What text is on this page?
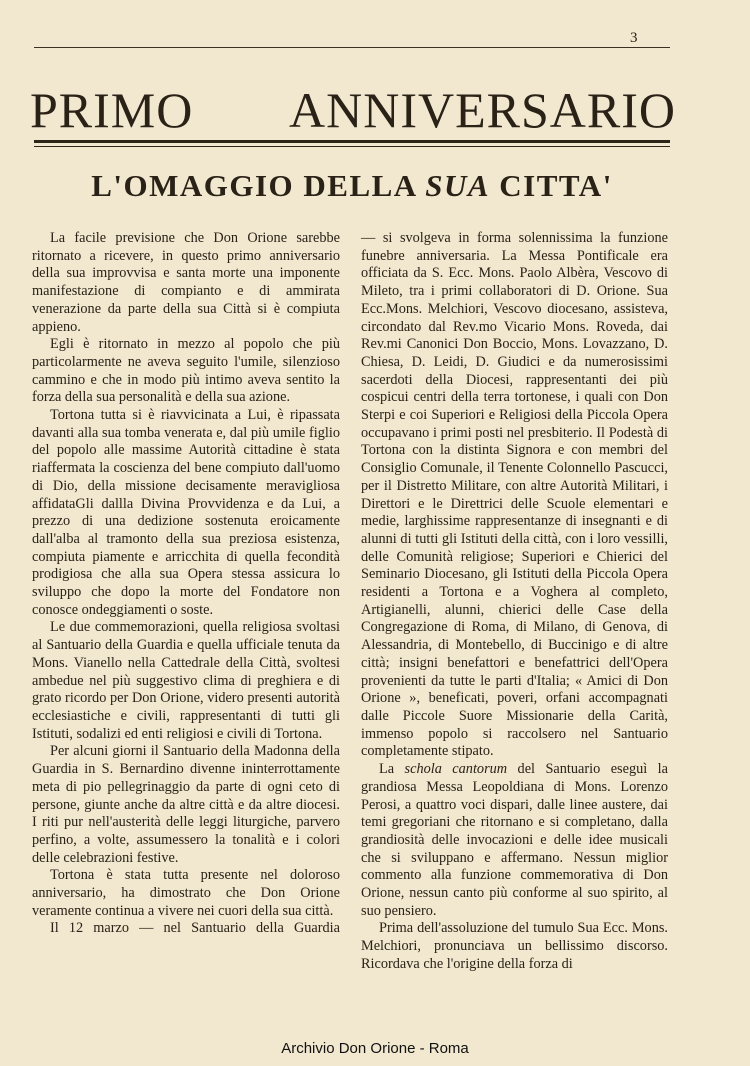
3
PRIMO ANNIVERSARIO
L'OMAGGIO DELLA SUA CITTA'

La facile previsione che Don Orione sarebbe ritornato a ricevere, in questo primo anniversario della sua improvvisa e santa morte una imponente manifestazione di compianto e di ammirata venerazione da parte della sua Città si è compiuta appieno.

Egli è ritornato in mezzo al popolo che più particolarmente ne aveva seguito l'umile, silenzioso cammino e che in modo più intimo aveva sentito la forza della sua personalità e della sua azione.

Tortona tutta si è riavvicinata a Lui, è ripassata davanti alla sua tomba venerata e, dal più umile figlio del popolo alle massime Autorità cittadine è stata riaffermata la coscienza del bene compiuto dall'uomo di Dio, della missione decisamente meravigliosa affidataGli dallla Divina Provvidenza e da Lui, a prezzo di una dedizione sostenuta eroicamente dall'alba al tramonto della sua preziosa esistenza, compiuta piamente e arricchita di quella fecondità prodigiosa che alla sua Opera stessa assicura lo sviluppo che dopo la morte del Fondatore non conosce ondeggiamenti o soste.

Le due commemorazioni, quella religiosa svoltasi al Santuario della Guardia e quella ufficiale tenuta da Mons. Vianello nella Cattedrale della Città, svoltesi ambedue nel più suggestivo clima di preghiera e di grato ricordo per Don Orione, videro presenti autorità ecclesiastiche e civili, rappresentanti di tutti gli Istituti, sodalizi ed enti religiosi e civili di Tortona.

Per alcuni giorni il Santuario della Madonna della Guardia in S. Bernardino divenne ininterrottamente meta di pio pellegrinaggio da parte di ogni ceto di persone, giunte anche da altre città e da altre diocesi. I riti pur nell'austerità delle leggi liturgiche, parvero perfino, a volte, assumessero la tonalità e i colori delle celebrazioni festive.

Tortona è stata tutta presente nel doloroso anniversario, ha dimostrato che Don Orione veramente continua a vivere nei cuori della sua città.

Il 12 marzo — nel Santuario della Guardia

— si svolgeva in forma solennissima la funzione funebre anniversaria. La Messa Pontificale era officiata da S. Ecc. Mons. Paolo Albèra, Vescovo di Mileto, tra i primi collaboratori di D. Orione. Sua Ecc.Mons. Melchiori, Vescovo diocesano, assisteva, circondato dal Rev.mo Vicario Mons. Roveda, dai Rev.mi Canonici Don Boccio, Mons. Lovazzano, D. Chiesa, D. Leidi, D. Giudici e da numerosissimi sacerdoti della Diocesi, rappresentanti dei più cospicui centri della terra tortonese, i quali con Don Sterpi e coi Superiori e Religiosi della Piccola Opera occupavano i primi posti nel presbiterio. Il Podestà di Tortona con la distinta Signora e con membri del Consiglio Comunale, il Tenente Colonnello Pascucci, per il Distretto Militare, con altre Autorità Militari, i Direttori e le Direttrici delle Scuole elementari e medie, larghissime rappresentanze di insegnanti e di alunni di tutti gli Istituti della città, con i loro vessilli, delle Comunità religiose; Superiori e Chierici del Seminario Diocesano, gli Istituti della Piccola Opera residenti a Tortona e a Voghera al completo, Artigianelli, alunni, chierici delle Case della Congregazione di Roma, di Milano, di Genova, di Alessandria, di Montebello, di Buccinigo e di altre città; insigni benefattori e benefattrici dell'Opera provenienti da tutte le parti d'Italia; « Amici di Don Orione », beneficati, poveri, orfani accompagnati dalle Piccole Suore Missionarie della Carità, immenso popolo si raccolsero nel Santuario completamente stipato.

La schola cantorum del Santuario eseguì la grandiosa Messa Leopoldiana di Mons. Lorenzo Perosi, a quattro voci dispari, dalle linee austere, dai temi gregoriani che ritornano e si completano, dalla grandiosità delle invocazioni e delle idee musicali che si sviluppano e affermano. Nessun miglior commento alla funzione commemorativa di Don Orione, nessun canto più conforme al suo spirito, al suo pensiero.

Prima dell'assoluzione del tumulo Sua Ecc. Mons. Melchiori, pronunciava un bellissimo discorso. Ricordava che l'origine della forza di

Archivio Don Orione - Roma
